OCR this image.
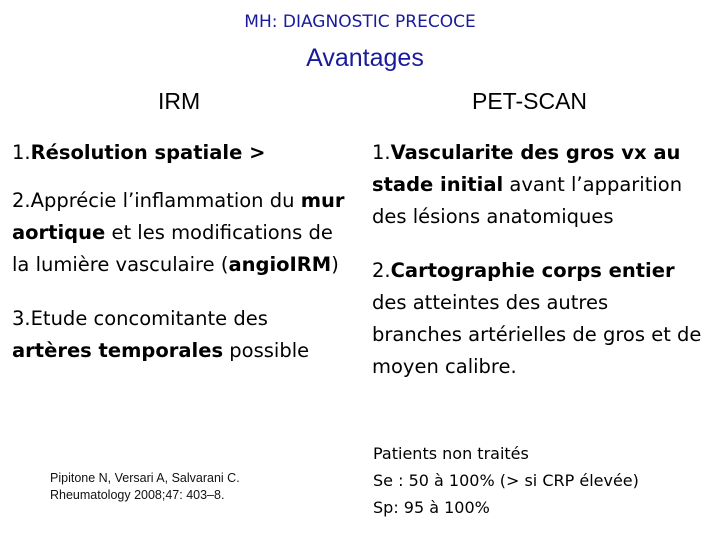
MH: DIAGNOSTIC PRECOCE
Avantages
IRM	PET-SCAN

1.Résolution spatiale >

2.Apprécie l’inflammation du mur aortique et les modifications de la lumière vasculaire (angioIRM)

3.Etude concomitante des artères temporales possible

1.Vascularite des gros vx au stade initial avant l’apparition des lésions anatomiques

2.Cartographie corps entier des atteintes des autres branches artérielles de gros et de moyen calibre.

Pipitone N, Versari A, Salvarani C.
Rheumatology 2008;47: 403–8.
Patients non traités
Se : 50 à 100% (> si CRP élevée)
Sp: 95 à 100%
